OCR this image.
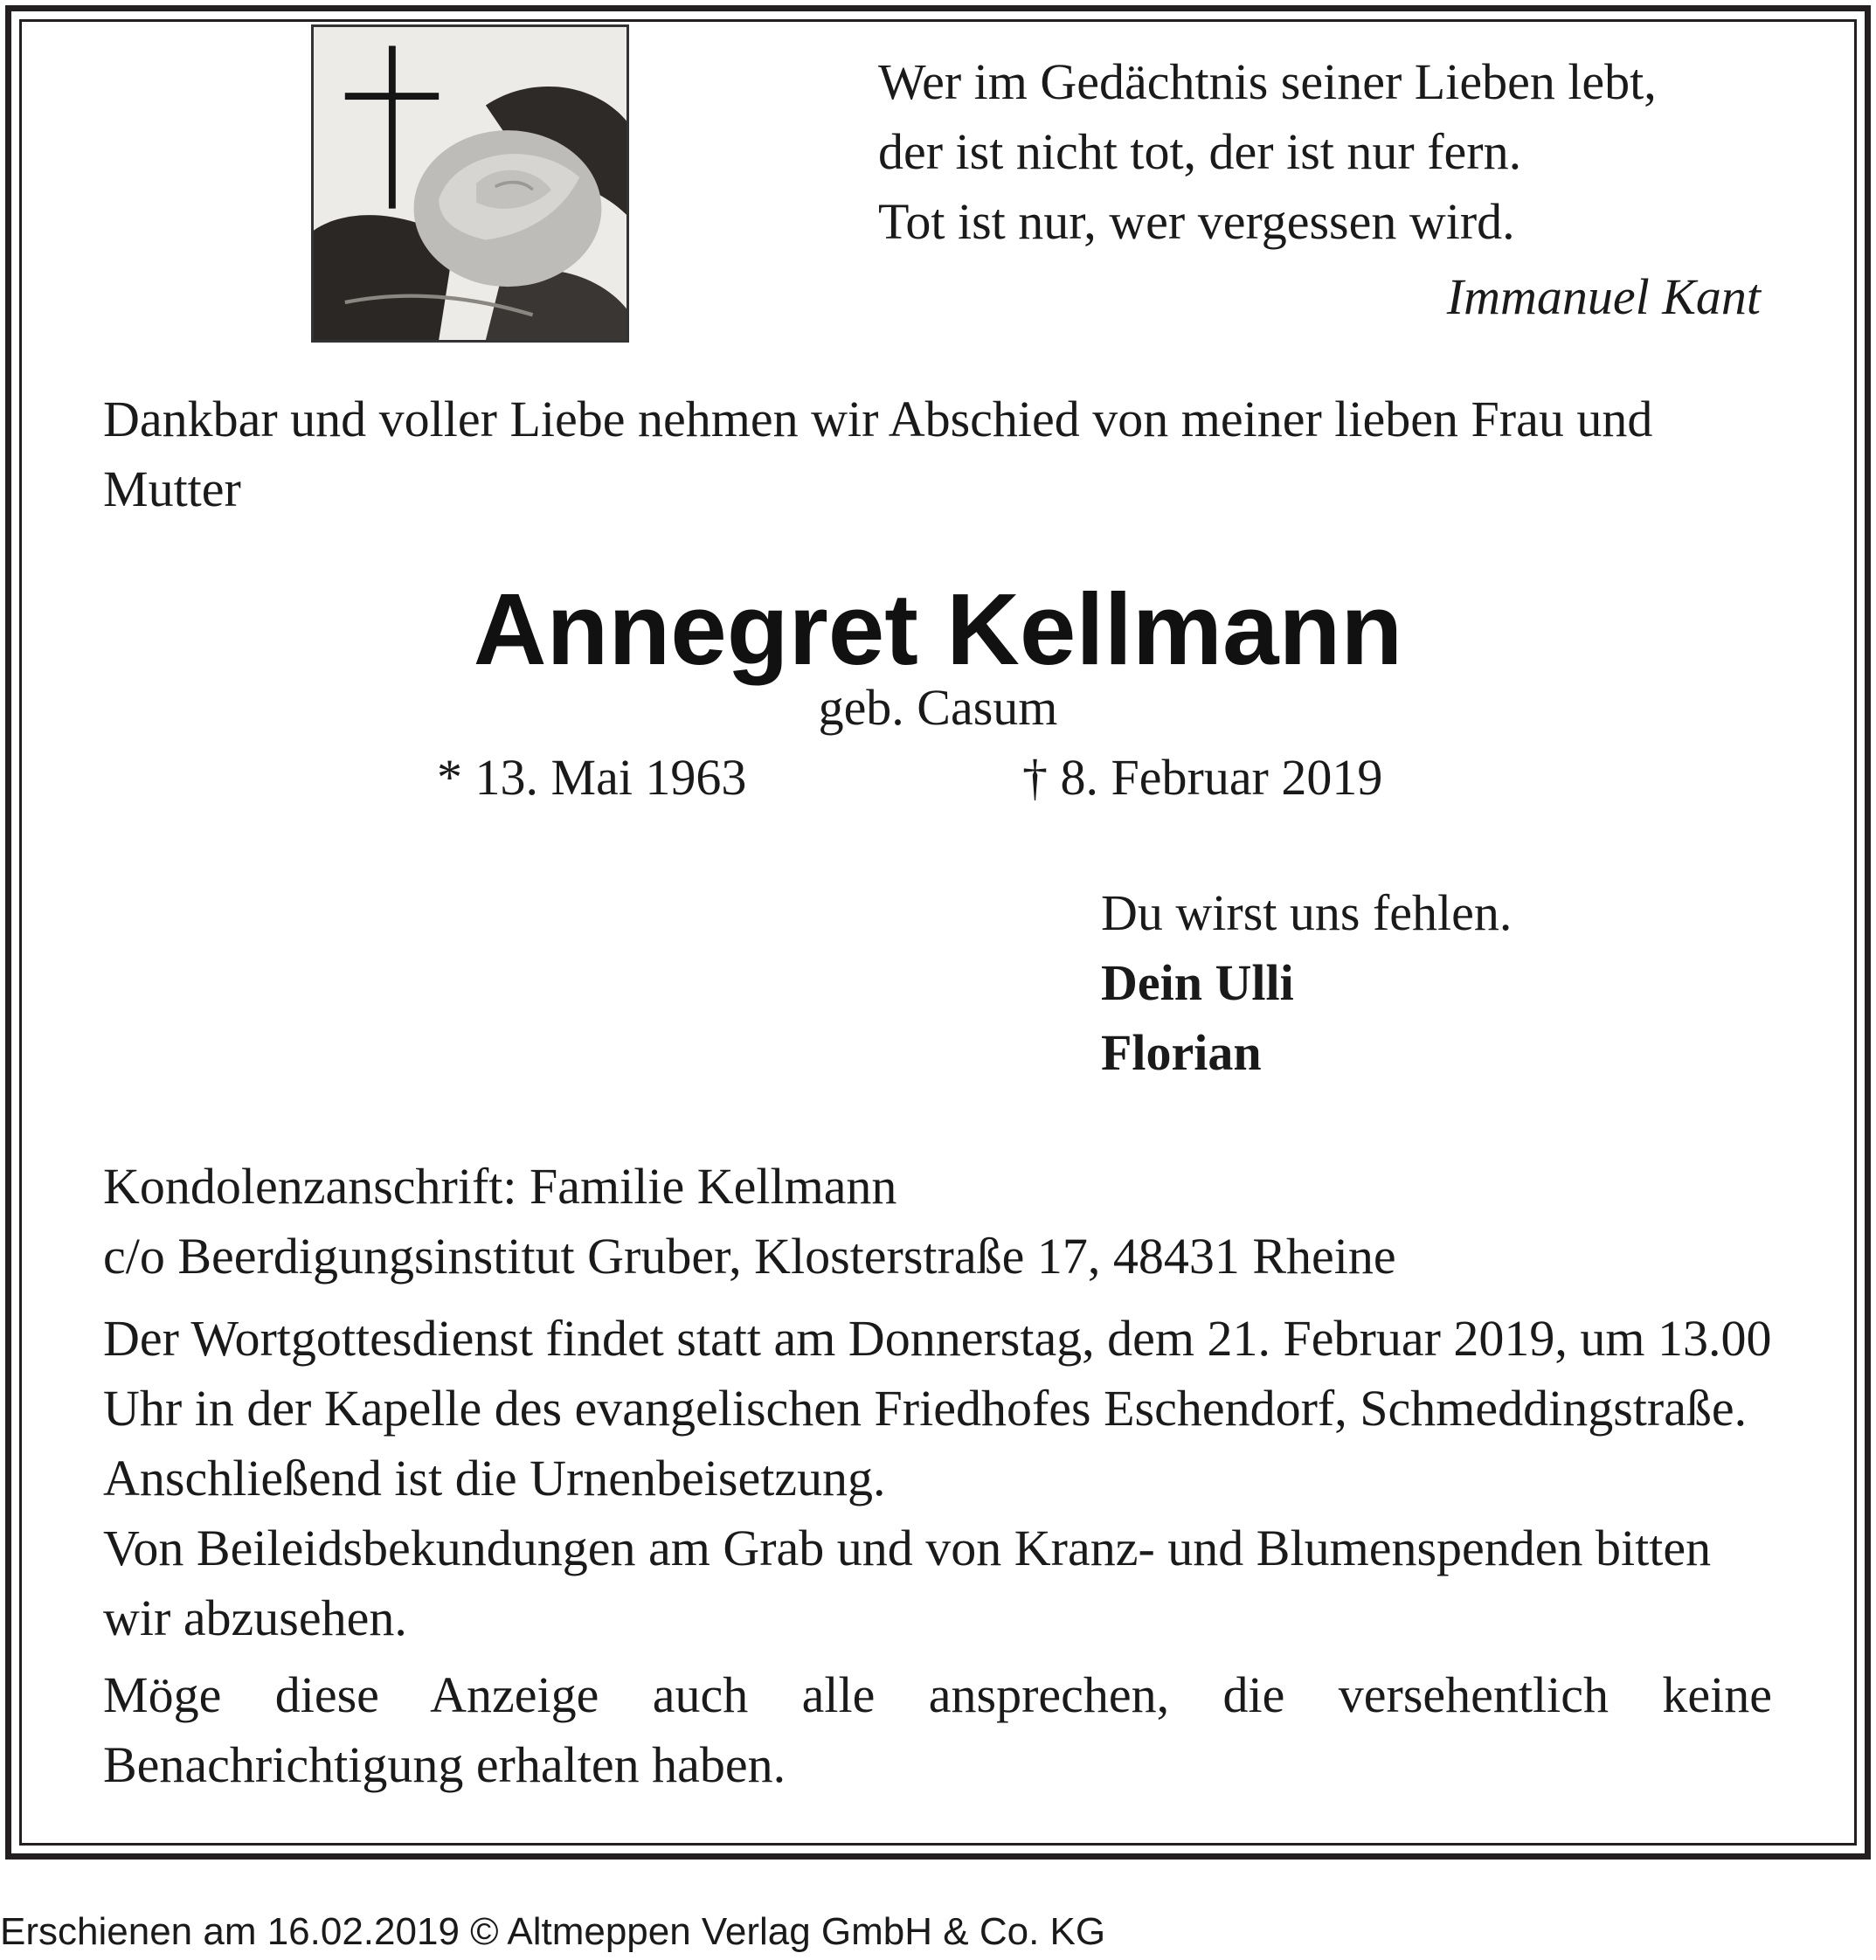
Wer im Gedächtnis seiner Lieben lebt,
der ist nicht tot, der ist nur fern.
Tot ist nur, wer vergessen wird.
Immanuel Kant
Dankbar und voller Liebe nehmen wir Abschied von meiner lieben Frau und Mutter
Annegret Kellmann
geb. Casum
* 13. Mai 1963	† 8. Februar 2019
Du wirst uns fehlen.
Dein Ulli
Florian

Kondolenzanschrift: Familie Kellmann

c/o Beerdigungsinstitut Gruber, Klosterstraße 17, 48431 Rheine

Der Wortgottesdienst findet statt am Donnerstag, dem 21. Februar 2019, um 13.00 Uhr in der Kapelle des evangelischen Friedhofes Eschendorf, Schmeddingstraße. Anschließend ist die Urnenbeisetzung.

Von Beileidsbekundungen am Grab und von Kranz- und Blumenspenden bitten wir abzusehen.

Möge diese Anzeige auch alle ansprechen, die versehentlich keine Benachrichtigung erhalten haben.
Erschienen am 16.02.2019 © Altmeppen Verlag GmbH & Co. KG
